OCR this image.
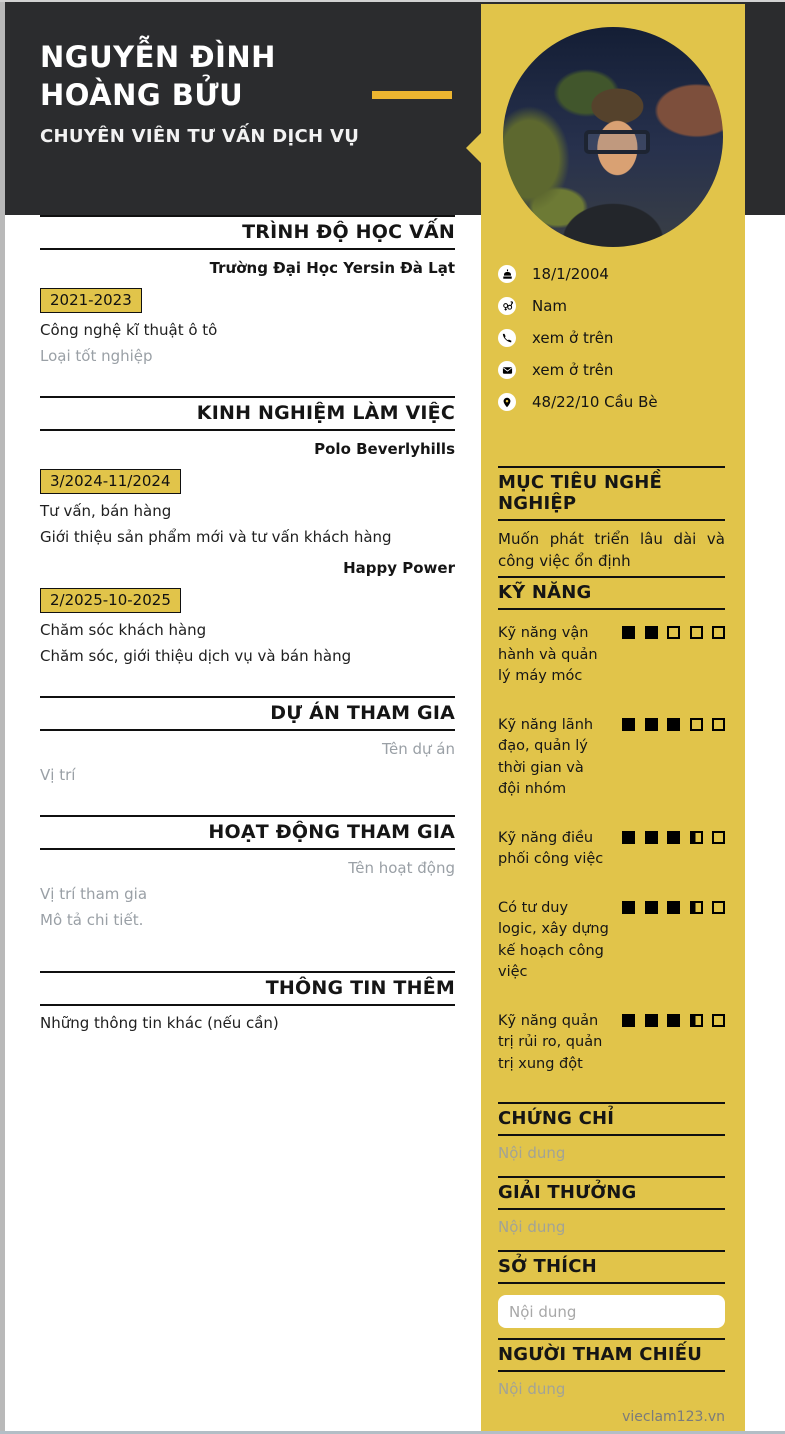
NGUYỄN ĐÌNH
HOÀNG BỬU
CHUYÊN VIÊN TƯ VẤN DỊCH VỤ
TRÌNH ĐỘ HỌC VẤN
Trường Đại Học Yersin Đà Lạt
2021-2023
Công nghệ kĩ thuật ô tô
Loại tốt nghiệp
KINH NGHIỆM LÀM VIỆC
Polo Beverlyhills
3/2024-11/2024
Tư vấn, bán hàng
Giới thiệu sản phẩm mới và tư vấn khách hàng
Happy Power
2/2025-10-2025
Chăm sóc khách hàng
Chăm sóc, giới thiệu dịch vụ và bán hàng
DỰ ÁN THAM GIA
Tên dự án
Vị trí
HOẠT ĐỘNG THAM GIA
Tên hoạt động
Vị trí tham gia
Mô tả chi tiết.
THÔNG TIN THÊM
Những thông tin khác (nếu cần)
18/1/2004
Nam
xem ở trên
xem ở trên
48/22/10 Cầu Bè
MỤC TIÊU NGHỀ NGHIỆP
Muốn phát triển lâu dài và công việc ổn định
KỸ NĂNG
Kỹ năng vận hành và quản lý máy móc
Kỹ năng lãnh đạo, quản lý thời gian và đội nhóm
Kỹ năng điều phối công việc
Có tư duy logic, xây dựng kế hoạch công việc
Kỹ năng quản trị rủi ro, quản trị xung đột
CHỨNG CHỈ
Nội dung
GIẢI THƯỞNG
Nội dung
SỞ THÍCH
Nội dung
NGƯỜI THAM CHIẾU
Nội dung
vieclam123.vn
